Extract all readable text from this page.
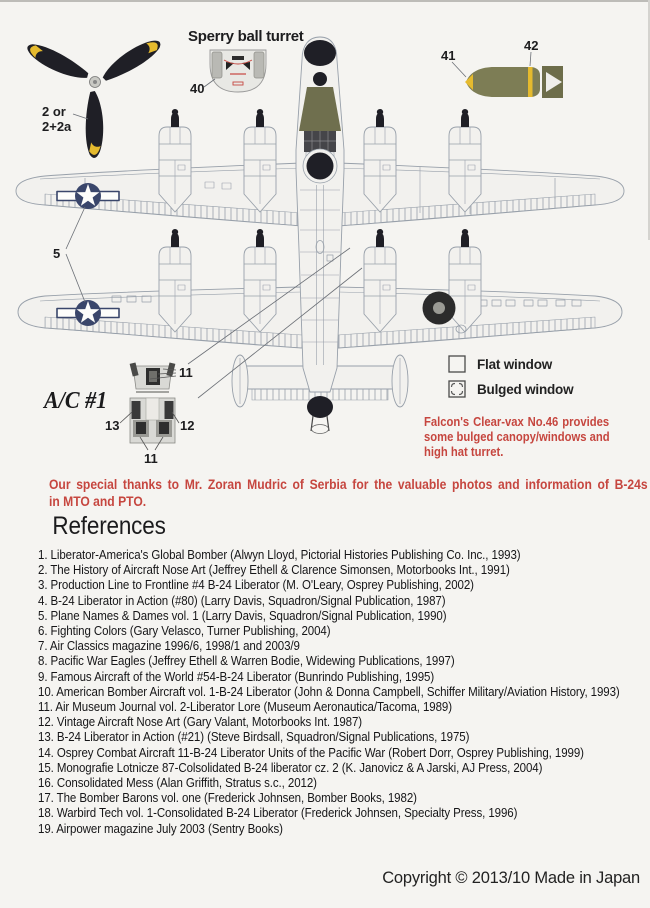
5
2 or
2+2a
Sperry ball turret
40
41
42
11
13	12
11
Flat window
Bulged window
A/C #1
Falcon's Clear-vax No.46 provides
some bulged canopy/windows and
high hat turret.
Our special thanks to Mr. Zoran Mudric of Serbia for the valuable photos and information of B-24s
in MTO and PTO.
References
1. Liberator-America's Global Bomber (Alwyn Lloyd, Pictorial Histories Publishing Co. Inc., 1993)
2. The History of Aircraft Nose Art (Jeffrey Ethell & Clarence Simonsen, Motorbooks Int., 1991)
3. Production Line to Frontline #4 B-24 Liberator (M. O'Leary, Osprey Publishing, 2002)
4. B-24 Liberator in Action (#80) (Larry Davis, Squadron/Signal Publication, 1987)
5. Plane Names & Dames vol. 1 (Larry Davis, Squadron/Signal Publication, 1990)
6. Fighting Colors (Gary Velasco, Turner Publishing, 2004)
7. Air Classics magazine 1996/6, 1998/1 and 2003/9
8. Pacific War Eagles (Jeffrey Ethell & Warren Bodie, Widewing Publications, 1997)
9. Famous Aircraft of the World #54-B-24 Liberator (Bunrindo Publishing, 1995)
10. American Bomber Aircraft vol. 1-B-24 Liberator (John & Donna Campbell, Schiffer Military/Aviation History, 1993)
11. Air Museum Journal vol. 2-Liberator Lore (Museum Aeronautica/Tacoma, 1989)
12. Vintage Aircraft Nose Art (Gary Valant, Motorbooks Int. 1987)
13. B-24 Liberator in Action (#21) (Steve Birdsall, Squadron/Signal Publications, 1975)
14. Osprey Combat Aircraft 11-B-24 Liberator Units of the Pacific War (Robert Dorr, Osprey Publishing, 1999)
15. Monografie Lotnicze 87-Colsolidated B-24 liberator cz. 2 (K. Janovicz & A Jarski, AJ Press, 2004)
16. Consolidated Mess (Alan Griffith, Stratus s.c., 2012)
17. The Bomber Barons vol. one (Frederick Johnsen, Bomber Books, 1982)
18. Warbird Tech vol. 1-Consolidated B-24 Liberator (Frederick Johnsen, Specialty Press, 1996)
19. Airpower magazine July 2003 (Sentry Books)
Copyright © 2013/10 Made in Japan
